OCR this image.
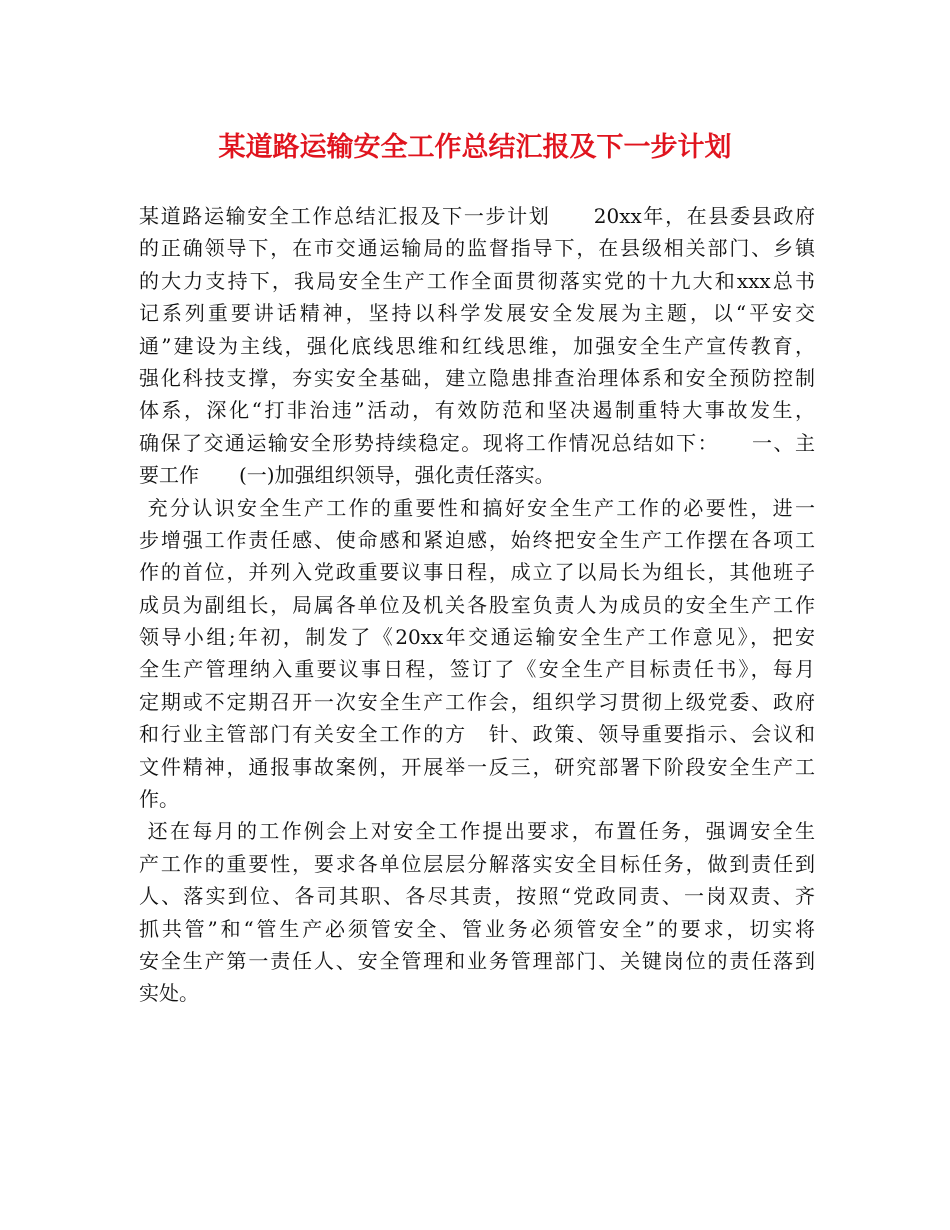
某道路运输安全工作总结汇报及下一步计划
某道路运输安全工作总结汇报及下一步计划　　20xx年，在县委县政府
的正确领导下，在市交通运输局的监督指导下，在县级相关部门、乡镇
的大力支持下，我局安全生产工作全面贯彻落实党的十九大和xxx总书
记系列重要讲话精神，坚持以科学发展安全发展为主题，以“平安交
通”建设为主线，强化底线思维和红线思维，加强安全生产宣传教育，
强化科技支撑，夯实安全基础，建立隐患排查治理体系和安全预防控制
体系，深化“打非治违”活动，有效防范和坚决遏制重特大事故发生，
确保了交通运输安全形势持续稳定。现将工作情况总结如下：　　一、主
要工作　　(一)加强组织领导，强化责任落实。
充分认识安全生产工作的重要性和搞好安全生产工作的必要性，进一
步增强工作责任感、使命感和紧迫感，始终把安全生产工作摆在各项工
作的首位，并列入党政重要议事日程，成立了以局长为组长，其他班子
成员为副组长，局属各单位及机关各股室负责人为成员的安全生产工作
领导小组;年初，制发了《20xx年交通运输安全生产工作意见》，把安
全生产管理纳入重要议事日程，签订了《安全生产目标责任书》，每月
定期或不定期召开一次安全生产工作会，组织学习贯彻上级党委、政府
和行业主管部门有关安全工作的方　针、政策、领导重要指示、会议和
文件精神，通报事故案例，开展举一反三，研究部署下阶段安全生产工
作。
还在每月的工作例会上对安全工作提出要求，布置任务，强调安全生
产工作的重要性，要求各单位层层分解落实安全目标任务，做到责任到
人、落实到位、各司其职、各尽其责，按照“党政同责、一岗双责、齐
抓共管”和“管生产必须管安全、管业务必须管安全”的要求，切实将
安全生产第一责任人、安全管理和业务管理部门、关键岗位的责任落到
实处。
